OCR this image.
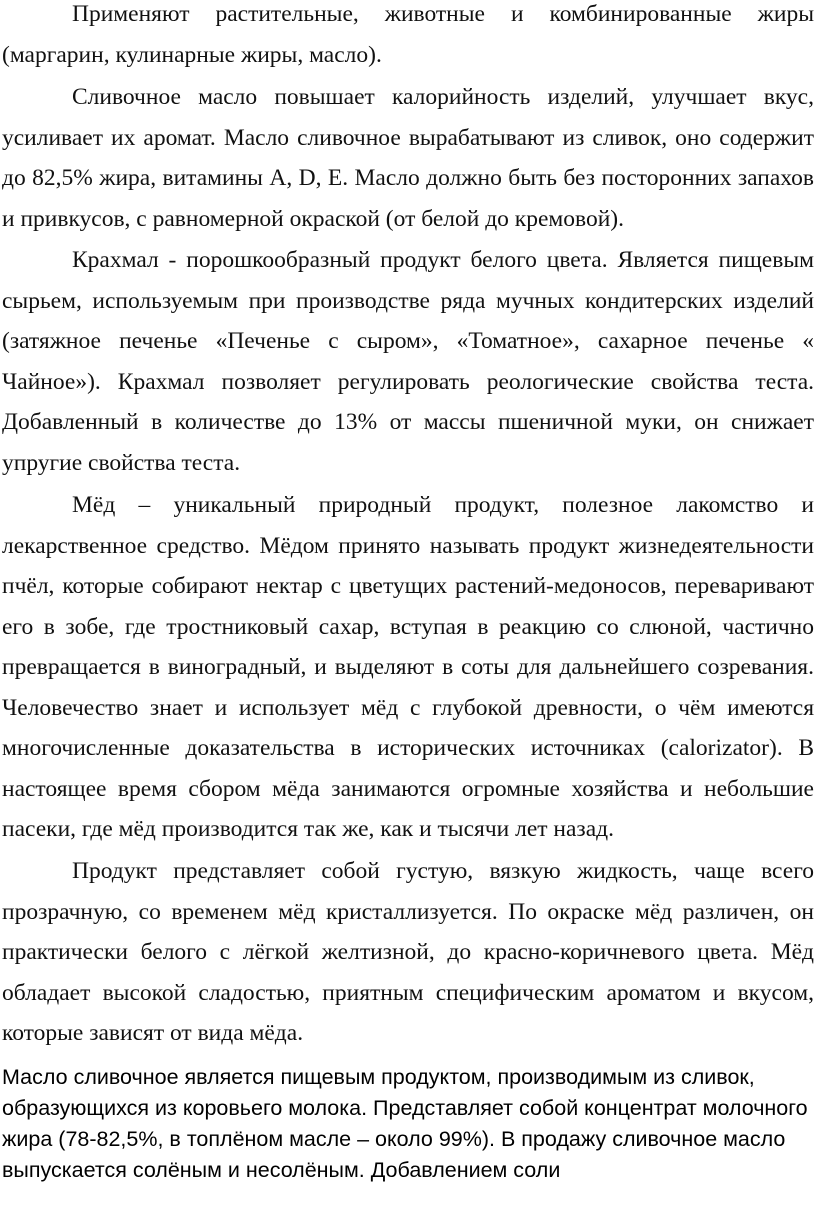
Применяют растительные, животные и комбинированные жиры (маргарин, кулинарные жиры, масло).

Сливочное масло повышает калорийность изделий, улучшает вкус, усиливает их аромат. Масло сливочное вырабатывают из сливок, оно содержит до 82,5% жира, витамины А, D, Е. Масло должно быть без посторонних запахов и привкусов, с равномерной окраской (от белой до кремовой).

Крахмал - порошкообразный продукт белого цвета. Является пищевым сырьем, используемым при производстве ряда мучных кондитерских изделий (затяжное печенье «Печенье с сыром», «Томатное», сахарное печенье « Чайное»). Крахмал позволяет регулировать реологические свойства теста. Добавленный в количестве до 13% от массы пшеничной муки, он снижает упругие свойства теста.

Мёд – уникальный природный продукт, полезное лакомство и лекарственное средство. Мёдом принято называть продукт жизнедеятельности пчёл, которые собирают нектар с цветущих растений-медоносов, переваривают его в зобе, где тростниковый сахар, вступая в реакцию со слюной, частично превращается в виноградный, и выделяют в соты для дальнейшего созревания. Человечество знает и использует мёд с глубокой древности, о чём имеются многочисленные доказательства в исторических источниках (calorizator). В настоящее время сбором мёда занимаются огромные хозяйства и небольшие пасеки, где мёд производится так же, как и тысячи лет назад.

Продукт представляет собой густую, вязкую жидкость, чаще всего прозрачную, со временем мёд кристаллизуется. По окраске мёд различен, он практически белого с лёгкой желтизной, до красно-коричневого цвета. Мёд обладает высокой сладостью, приятным специфическим ароматом и вкусом, которые зависят от вида мёда.

Масло сливочное является пищевым продуктом, производимым из сливок, образующихся из коровьего молока. Представляет собой концентрат молочного жира (78-82,5%, в топлёном масле – около 99%). В продажу сливочное масло выпускается солёным и несолёным. Добавлением соли
